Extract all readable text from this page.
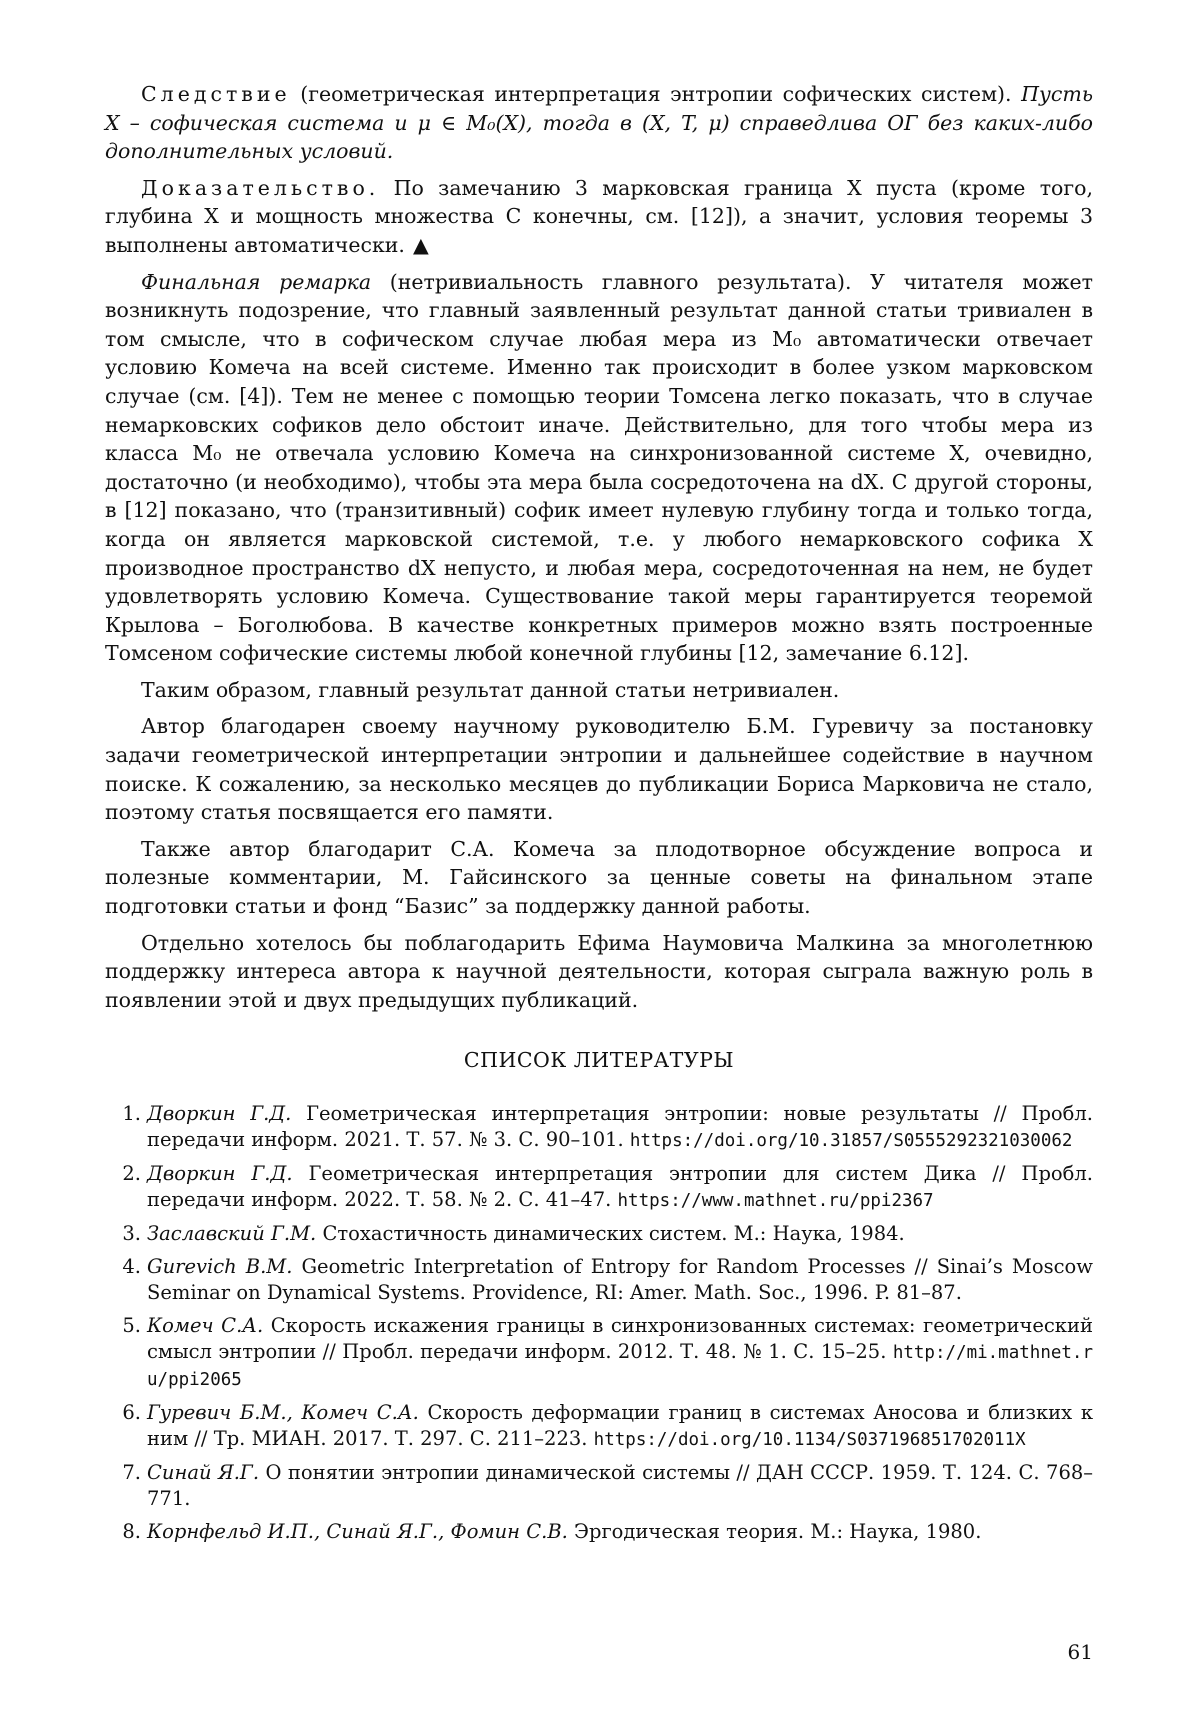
Следствие (геометрическая интерпретация энтропии софических систем). Пусть X – софическая система и μ ∈ M₀(X), тогда в (X, T, μ) справедлива ОГ без каких-либо дополнительных условий.

Доказательство. По замечанию 3 марковская граница X пуста (кроме того, глубина X и мощность множества C конечны, см. [12]), а значит, условия теоремы 3 выполнены автоматически. ▲

Финальная ремарка (нетривиальность главного результата). У читателя может возникнуть подозрение, что главный заявленный результат данной статьи тривиален в том смысле, что в софическом случае любая мера из M₀ автоматически отвечает условию Комеча на всей системе. Именно так происходит в более узком марковском случае (см. [4]). Тем не менее с помощью теории Томсена легко показать, что в случае немарковских софиков дело обстоит иначе. Действительно, для того чтобы мера из класса M₀ не отвечала условию Комеча на синхронизованной системе X, очевидно, достаточно (и необходимо), чтобы эта мера была сосредоточена на dX. С другой стороны, в [12] показано, что (транзитивный) софик имеет нулевую глубину тогда и только тогда, когда он является марковской системой, т.е. у любого немарковского софика X производное пространство dX непусто, и любая мера, сосредоточенная на нем, не будет удовлетворять условию Комеча. Существование такой меры гарантируется теоремой Крылова – Боголюбова. В качестве конкретных примеров можно взять построенные Томсеном софические системы любой конечной глубины [12, замечание 6.12].

Таким образом, главный результат данной статьи нетривиален.

Автор благодарен своему научному руководителю Б.М. Гуревичу за постановку задачи геометрической интерпретации энтропии и дальнейшее содействие в научном поиске. К сожалению, за несколько месяцев до публикации Бориса Марковича не стало, поэтому статья посвящается его памяти.

Также автор благодарит С.А. Комеча за плодотворное обсуждение вопроса и полезные комментарии, М. Гайсинского за ценные советы на финальном этапе подготовки статьи и фонд “Базис” за поддержку данной работы.

Отдельно хотелось бы поблагодарить Ефима Наумовича Малкина за многолетнюю поддержку интереса автора к научной деятельности, которая сыграла важную роль в появлении этой и двух предыдущих публикаций.

СПИСОК ЛИТЕРАТУРЫ
1. Дворкин Г.Д. Геометрическая интерпретация энтропии: новые результаты // Пробл. передачи информ. 2021. Т. 57. № 3. С. 90–101. https://doi.org/10.31857/S0555292321030062
2. Дворкин Г.Д. Геометрическая интерпретация энтропии для систем Дика // Пробл. передачи информ. 2022. Т. 58. № 2. С. 41–47. https://www.mathnet.ru/ppi2367
3. Заславский Г.М. Стохастичность динамических систем. М.: Наука, 1984.
4. Gurevich B.M. Geometric Interpretation of Entropy for Random Processes // Sinai’s Moscow Seminar on Dynamical Systems. Providence, RI: Amer. Math. Soc., 1996. P. 81–87.
5. Комеч С.А. Скорость искажения границы в синхронизованных системах: геометрический смысл энтропии // Пробл. передачи информ. 2012. Т. 48. № 1. С. 15–25. http://mi.mathnet.ru/ppi2065
6. Гуревич Б.М., Комеч С.А. Скорость деформации границ в системах Аносова и близких к ним // Тр. МИАН. 2017. Т. 297. С. 211–223. https://doi.org/10.1134/S037196851702011X
7. Синай Я.Г. О понятии энтропии динамической системы // ДАН СССР. 1959. Т. 124. С. 768–771.
8. Корнфельд И.П., Синай Я.Г., Фомин С.В. Эргодическая теория. М.: Наука, 1980.
61
